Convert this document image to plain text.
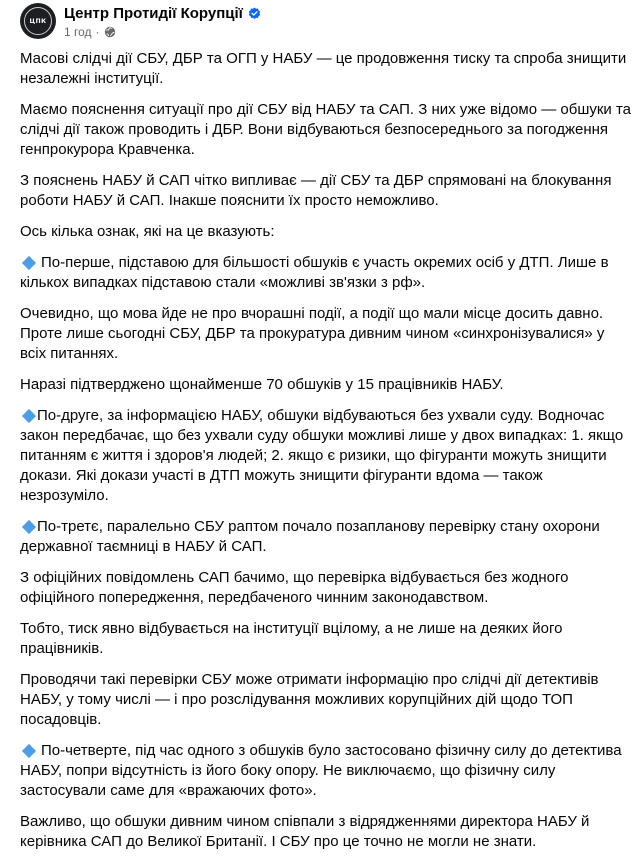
ЦПК Центр Протидії Корупції
1 год ·

Масові слідчі дії СБУ, ДБР та ОГП у НАБУ — це продовження тиску та спроба знищити незалежні інституції.

Маємо пояснення ситуації про дії СБУ від НАБУ та САП. З них уже відомо — обшуки та слідчі дії також проводить і ДБР. Вони відбуваються безпосереднього за погодження генпрокурора Кравченка.

З пояснень НАБУ й САП чітко випливає — дії СБУ та ДБР спрямовані на блокування роботи НАБУ й САП. Інакше пояснити їх просто неможливо.

Ось кілька ознак, які на це вказують:

По-перше, підставою для більшості обшуків є участь окремих осіб у ДТП. Лише в кількох випадках підставою стали «можливі зв'язки з рф».

Очевидно, що мова йде не про вчорашні події, а події що мали місце досить давно. Проте лише сьогодні СБУ, ДБР та прокуратура дивним чином «синхронізувалися» у всіх питаннях.

Наразі підтверджено щонайменше 70 обшуків у 15 працівників НАБУ.

По-друге, за інформацією НАБУ, обшуки відбуваються без ухвали суду. Водночас закон передбачає, що без ухвали суду обшуки можливі лише у двох випадках: 1. якщо питанням є життя і здоров'я людей; 2. якщо є ризики, що фігуранти можуть знищити докази. Які докази участі в ДТП можуть знищити фігуранти вдома — також незрозуміло.

По-третє, паралельно СБУ раптом почало позапланову перевірку стану охорони державної таємниці в НАБУ й САП.

З офіційних повідомлень САП бачимо, що перевірка відбувається без жодного офіційного попередження, передбаченого чинним законодавством.

Тобто, тиск явно відбувається на інституції вцілому, а не лише на деяких його працівників.

Проводячи такі перевірки СБУ може отримати інформацію про слідчі дії детективів НАБУ, у тому числі — і про розслідування можливих корупційних дій щодо ТОП посадовців.

По-четверте, під час одного з обшуків було застосовано фізичну силу до детектива НАБУ, попри відсутність із його боку опору. Не виключаємо, що фізичну силу застосували саме для «вражаючих фото».

Важливо, що обшуки дивним чином співпали з відрядженнями директора НАБУ й керівника САП до Великої Британії. І СБУ про це точно не могли не знати.
